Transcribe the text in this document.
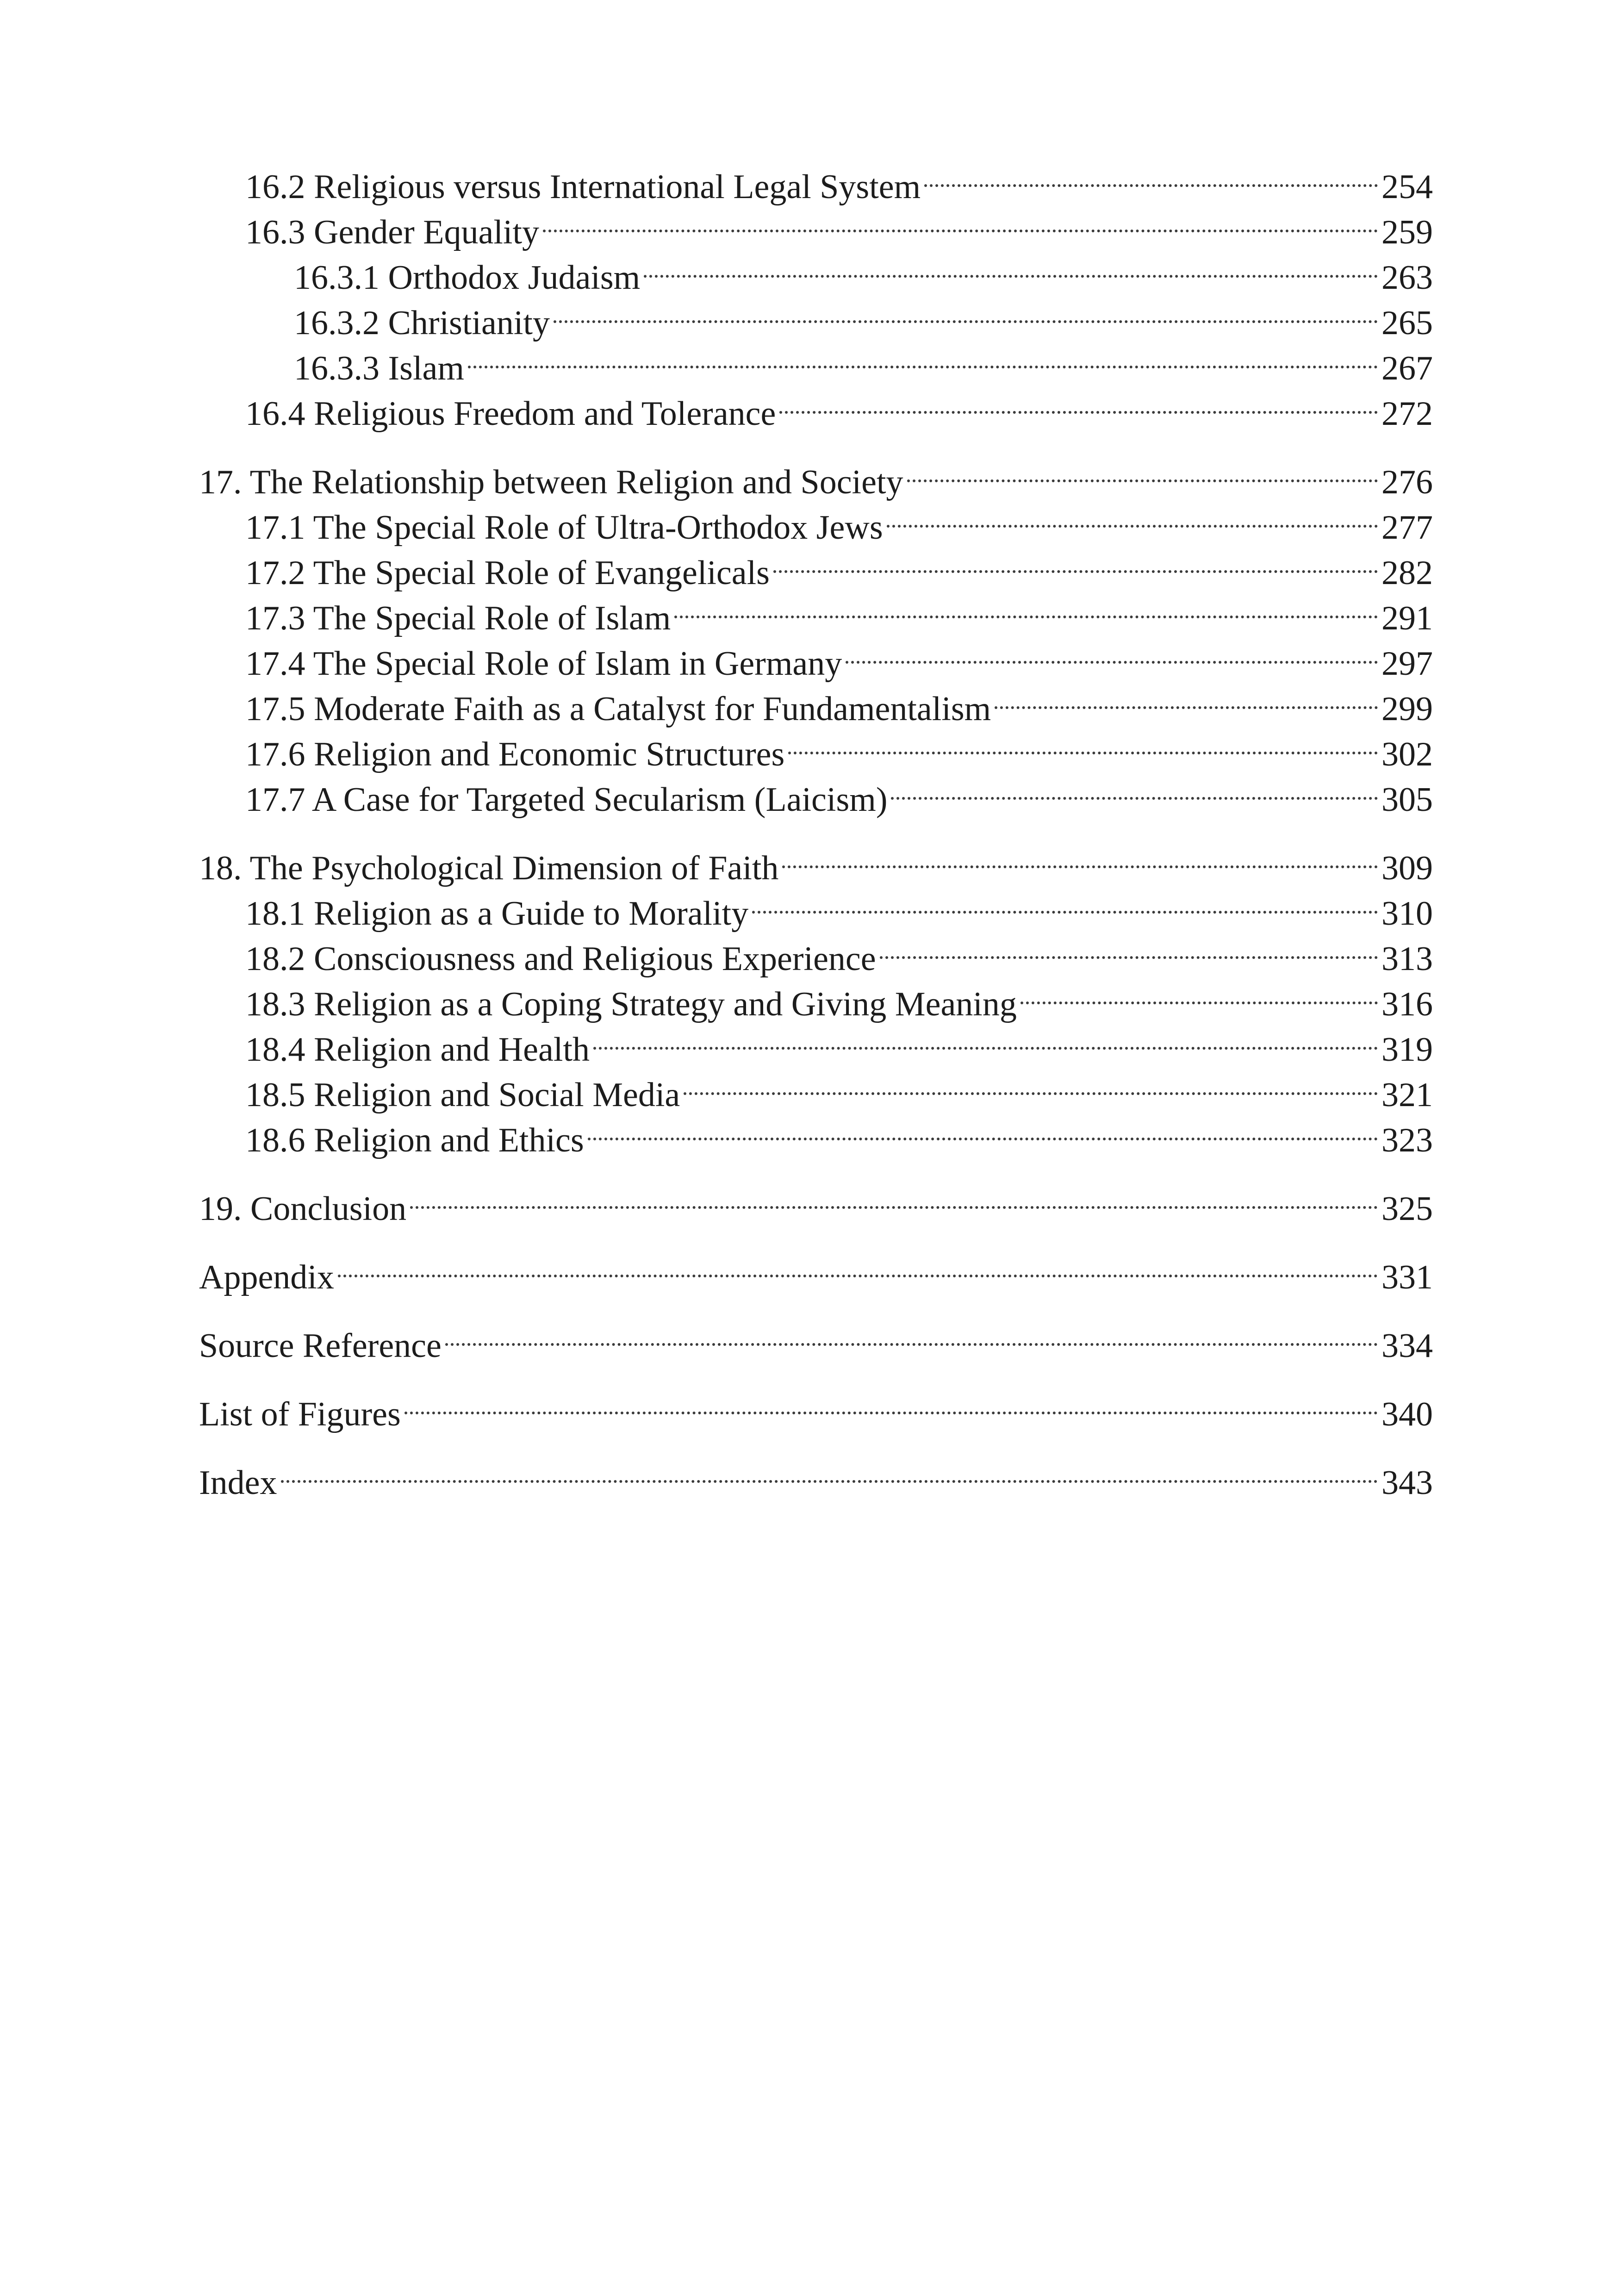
16.2 Religious versus International Legal System	254
16.3 Gender Equality	259
16.3.1 Orthodox Judaism	263
16.3.2 Christianity	265
16.3.3 Islam	267
16.4 Religious Freedom and Tolerance	272
17. The Relationship between Religion and Society	276
17.1 The Special Role of Ultra-Orthodox Jews	277
17.2 The Special Role of Evangelicals	282
17.3 The Special Role of Islam	291
17.4 The Special Role of Islam in Germany	297
17.5 Moderate Faith as a Catalyst for Fundamentalism	299
17.6 Religion and Economic Structures	302
17.7 A Case for Targeted Secularism (Laicism)	305
18. The Psychological Dimension of Faith	309
18.1 Religion as a Guide to Morality	310
18.2 Consciousness and Religious Experience	313
18.3 Religion as a Coping Strategy and Giving Meaning	316
18.4 Religion and Health	319
18.5 Religion and Social Media	321
18.6 Religion and Ethics	323
19. Conclusion	325
Appendix	331
Source Reference	334
List of Figures	340
Index	343
